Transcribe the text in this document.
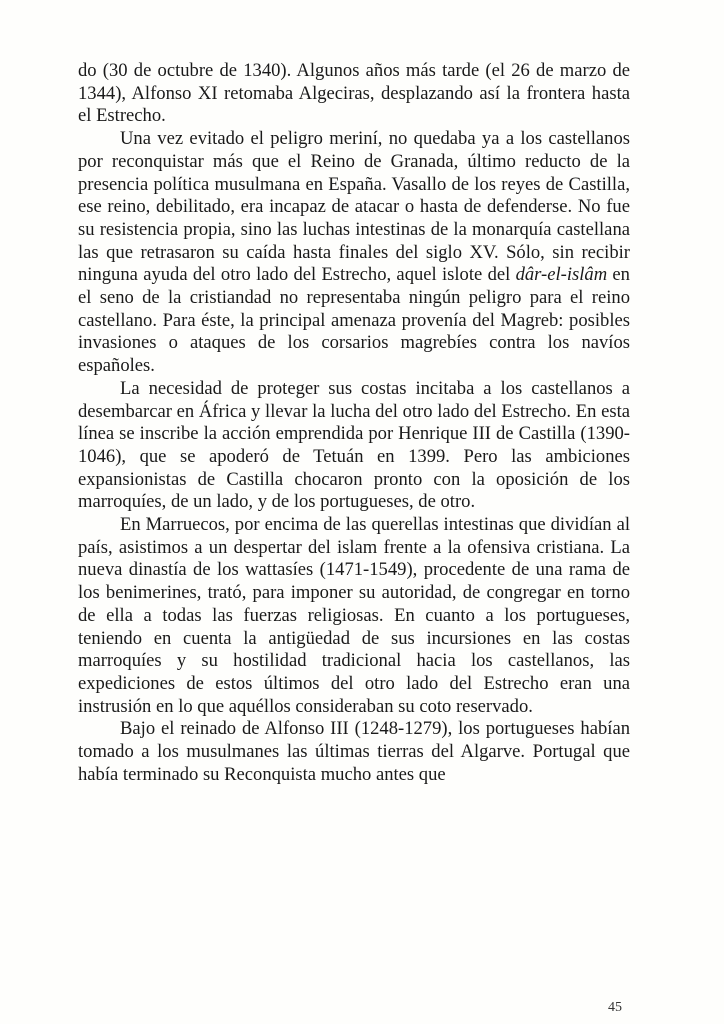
do (30 de octubre de 1340). Algunos años más tarde (el 26 de marzo de 1344), Alfonso XI retomaba Algeciras, desplazando así la frontera hasta el Estrecho.

Una vez evitado el peligro meriní, no quedaba ya a los castellanos por reconquistar más que el Reino de Granada, último reducto de la presencia política musulmana en España. Vasallo de los reyes de Castilla, ese reino, debilitado, era incapaz de atacar o hasta de defenderse. No fue su resistencia propia, sino las luchas intestinas de la monarquía castellana las que retrasaron su caída hasta finales del siglo XV. Sólo, sin recibir ninguna ayuda del otro lado del Estrecho, aquel islote del dâr-el-islâm en el seno de la cristiandad no representaba ningún peligro para el reino castellano. Para éste, la principal amenaza provenía del Magreb: posibles invasiones o ataques de los corsarios magrebíes contra los navíos españoles.

La necesidad de proteger sus costas incitaba a los castellanos a desembarcar en África y llevar la lucha del otro lado del Estrecho. En esta línea se inscribe la acción emprendida por Henrique III de Castilla (1390-1046), que se apoderó de Tetuán en 1399. Pero las ambiciones expansionistas de Castilla chocaron pronto con la oposición de los marroquíes, de un lado, y de los portugueses, de otro.

En Marruecos, por encima de las querellas intestinas que dividían al país, asistimos a un despertar del islam frente a la ofensiva cristiana. La nueva dinastía de los wattasíes (1471-1549), procedente de una rama de los benimerines, trató, para imponer su autoridad, de congregar en torno de ella a todas las fuerzas religiosas. En cuanto a los portugueses, teniendo en cuenta la antigüedad de sus incursiones en las costas marroquíes y su hostilidad tradicional hacia los castellanos, las expediciones de estos últimos del otro lado del Estrecho eran una instrusión en lo que aquéllos consideraban su coto reservado.

Bajo el reinado de Alfonso III (1248-1279), los portugueses habían tomado a los musulmanes las últimas tierras del Algarve. Portugal que había terminado su Reconquista mucho antes que

45
